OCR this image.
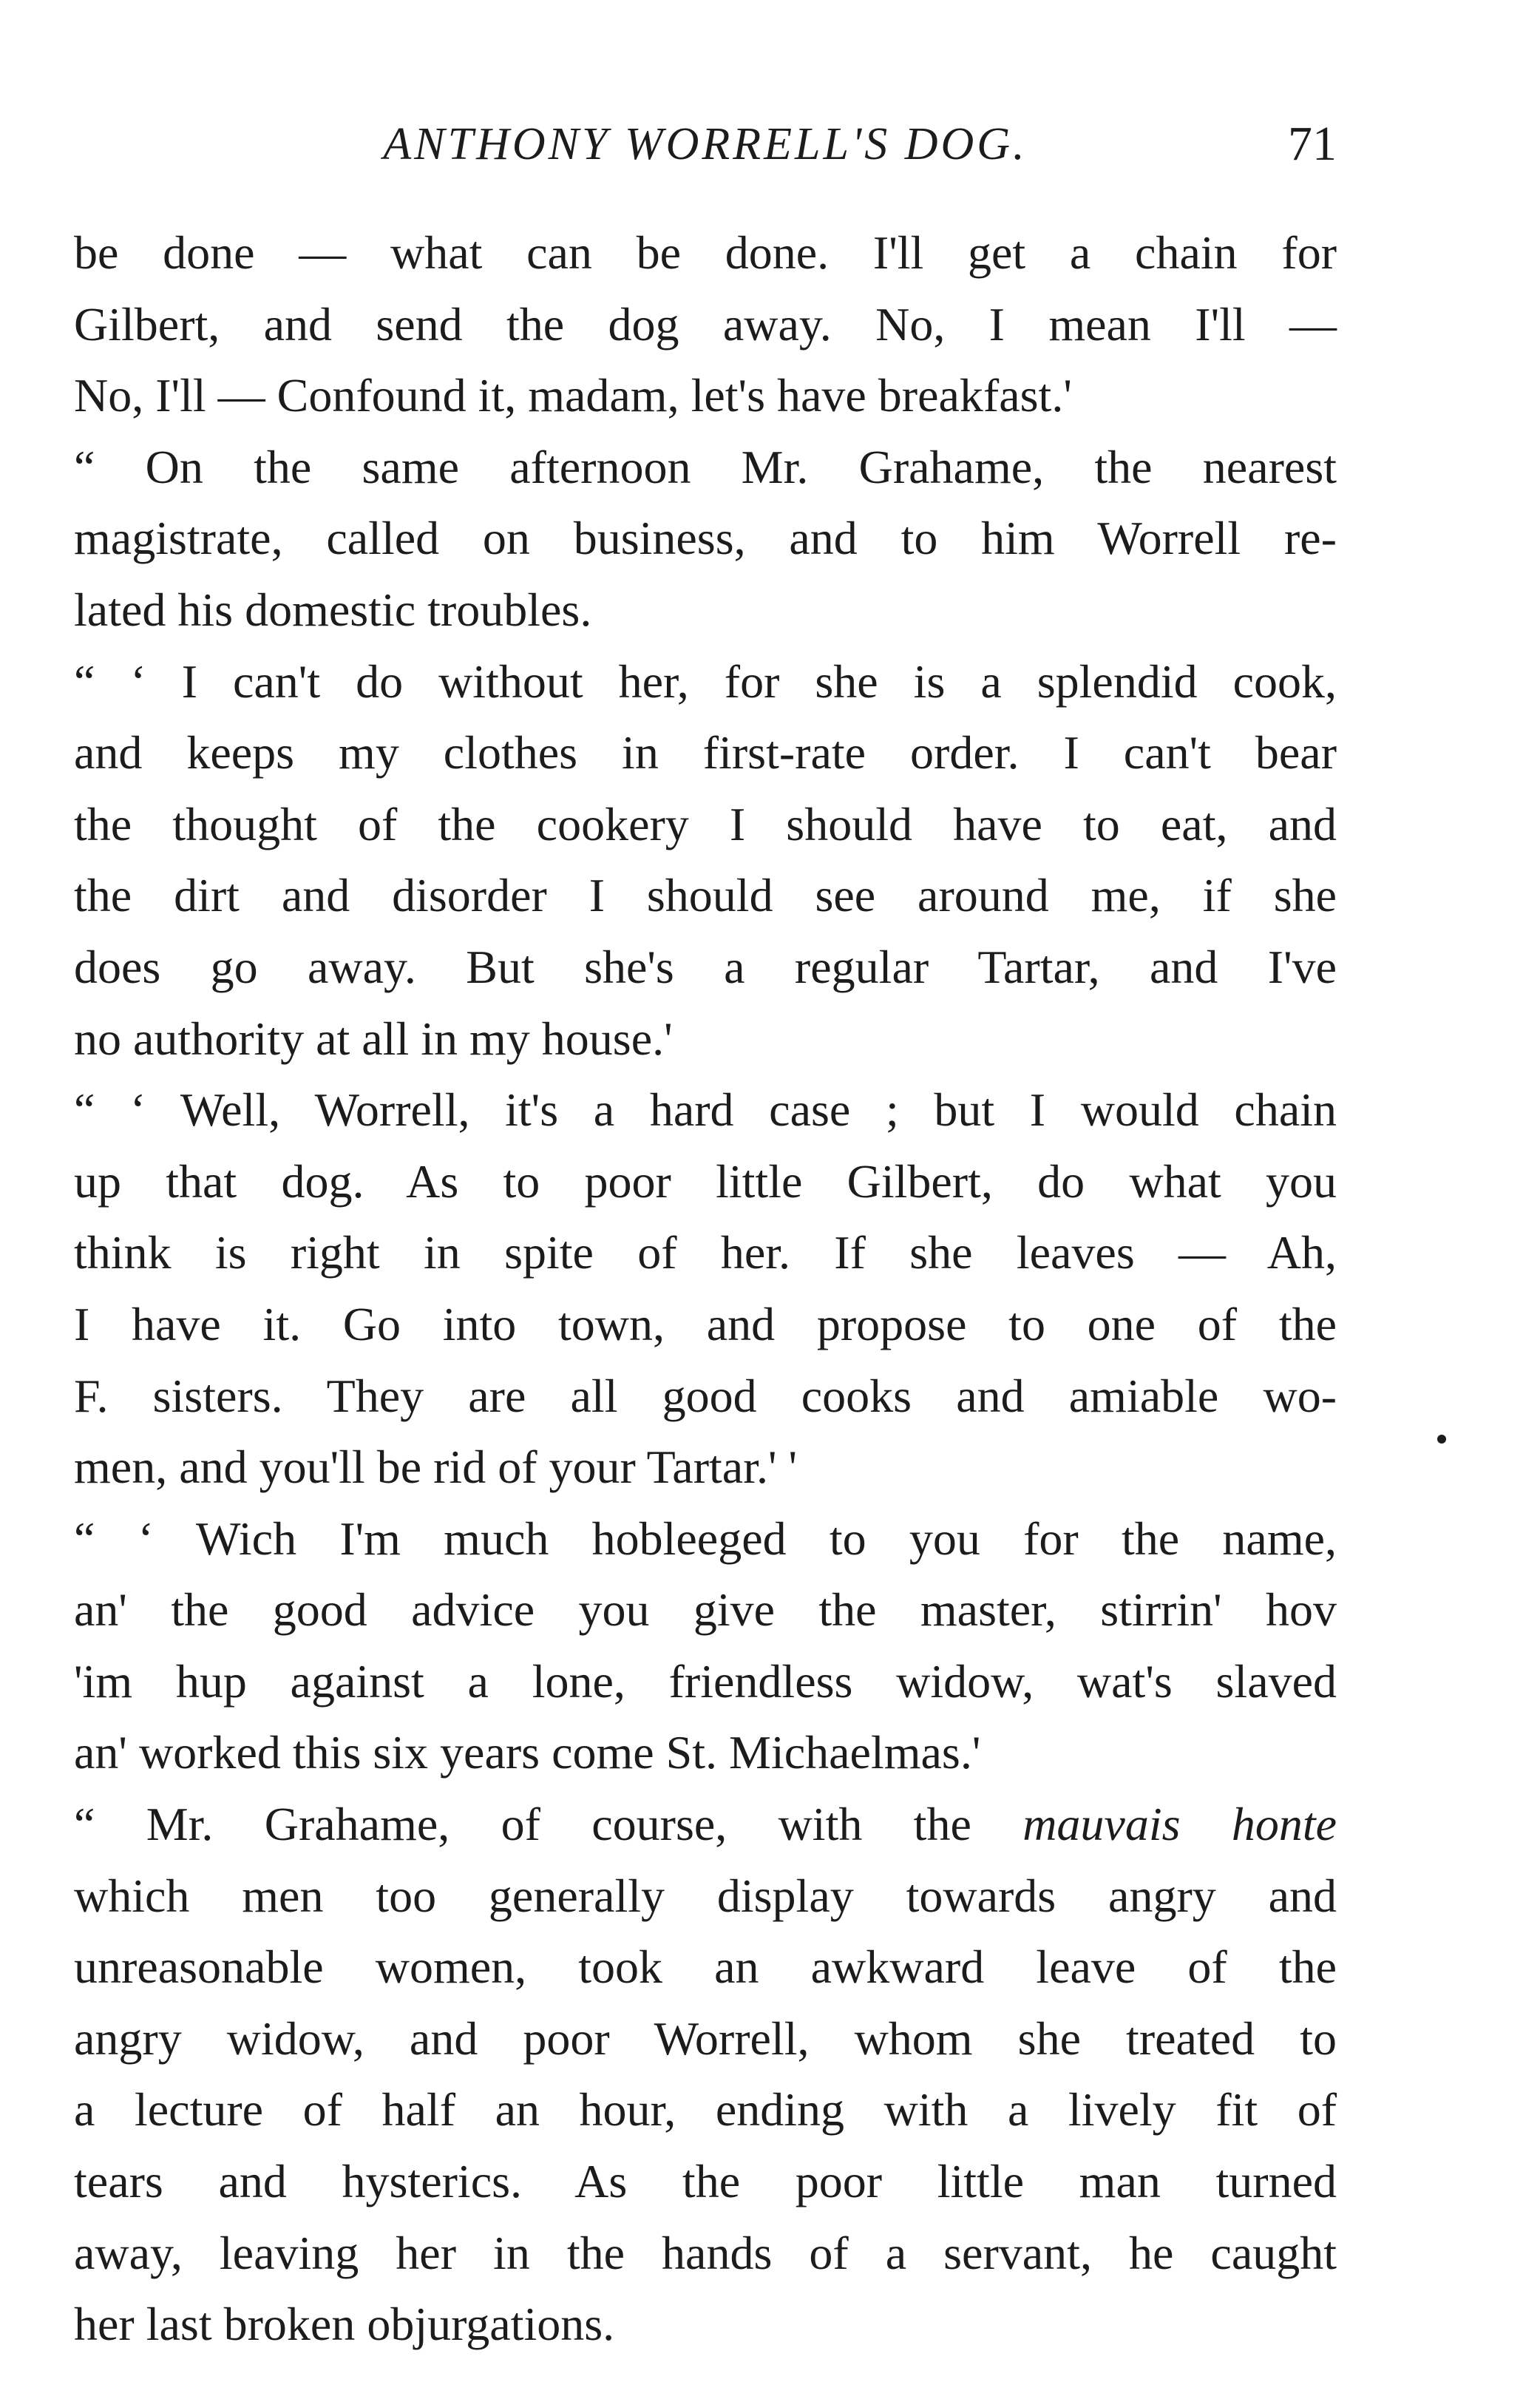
ANTHONY WORRELL'S DOG.	71
be done — what can be done. I'll get a chain for
Gilbert, and send the dog away. No, I mean I'll —
No, I'll — Confound it, madam, let's have breakfast.'
“ On the same afternoon Mr. Grahame, the nearest
magistrate, called on business, and to him Worrell re-
lated his domestic troubles.
“ ‘ I can't do without her, for she is a splendid cook,
and keeps my clothes in first-rate order. I can't bear
the thought of the cookery I should have to eat, and
the dirt and disorder I should see around me, if she
does go away. But she's a regular Tartar, and I've
no authority at all in my house.'
“ ‘ Well, Worrell, it's a hard case ; but I would chain
up that dog. As to poor little Gilbert, do what you
think is right in spite of her. If she leaves — Ah,
I have it. Go into town, and propose to one of the
F. sisters. They are all good cooks and amiable wo-
men, and you'll be rid of your Tartar.' '
“ ‘ Wich I'm much hobleeged to you for the name,
an' the good advice you give the master, stirrin' hov
'im hup against a lone, friendless widow, wat's slaved
an' worked this six years come St. Michaelmas.'
“ Mr. Grahame, of course, with the mauvais honte
which men too generally display towards angry and
unreasonable women, took an awkward leave of the
angry widow, and poor Worrell, whom she treated to
a lecture of half an hour, ending with a lively fit of
tears and hysterics. As the poor little man turned
away, leaving her in the hands of a servant, he caught
her last broken objurgations.
